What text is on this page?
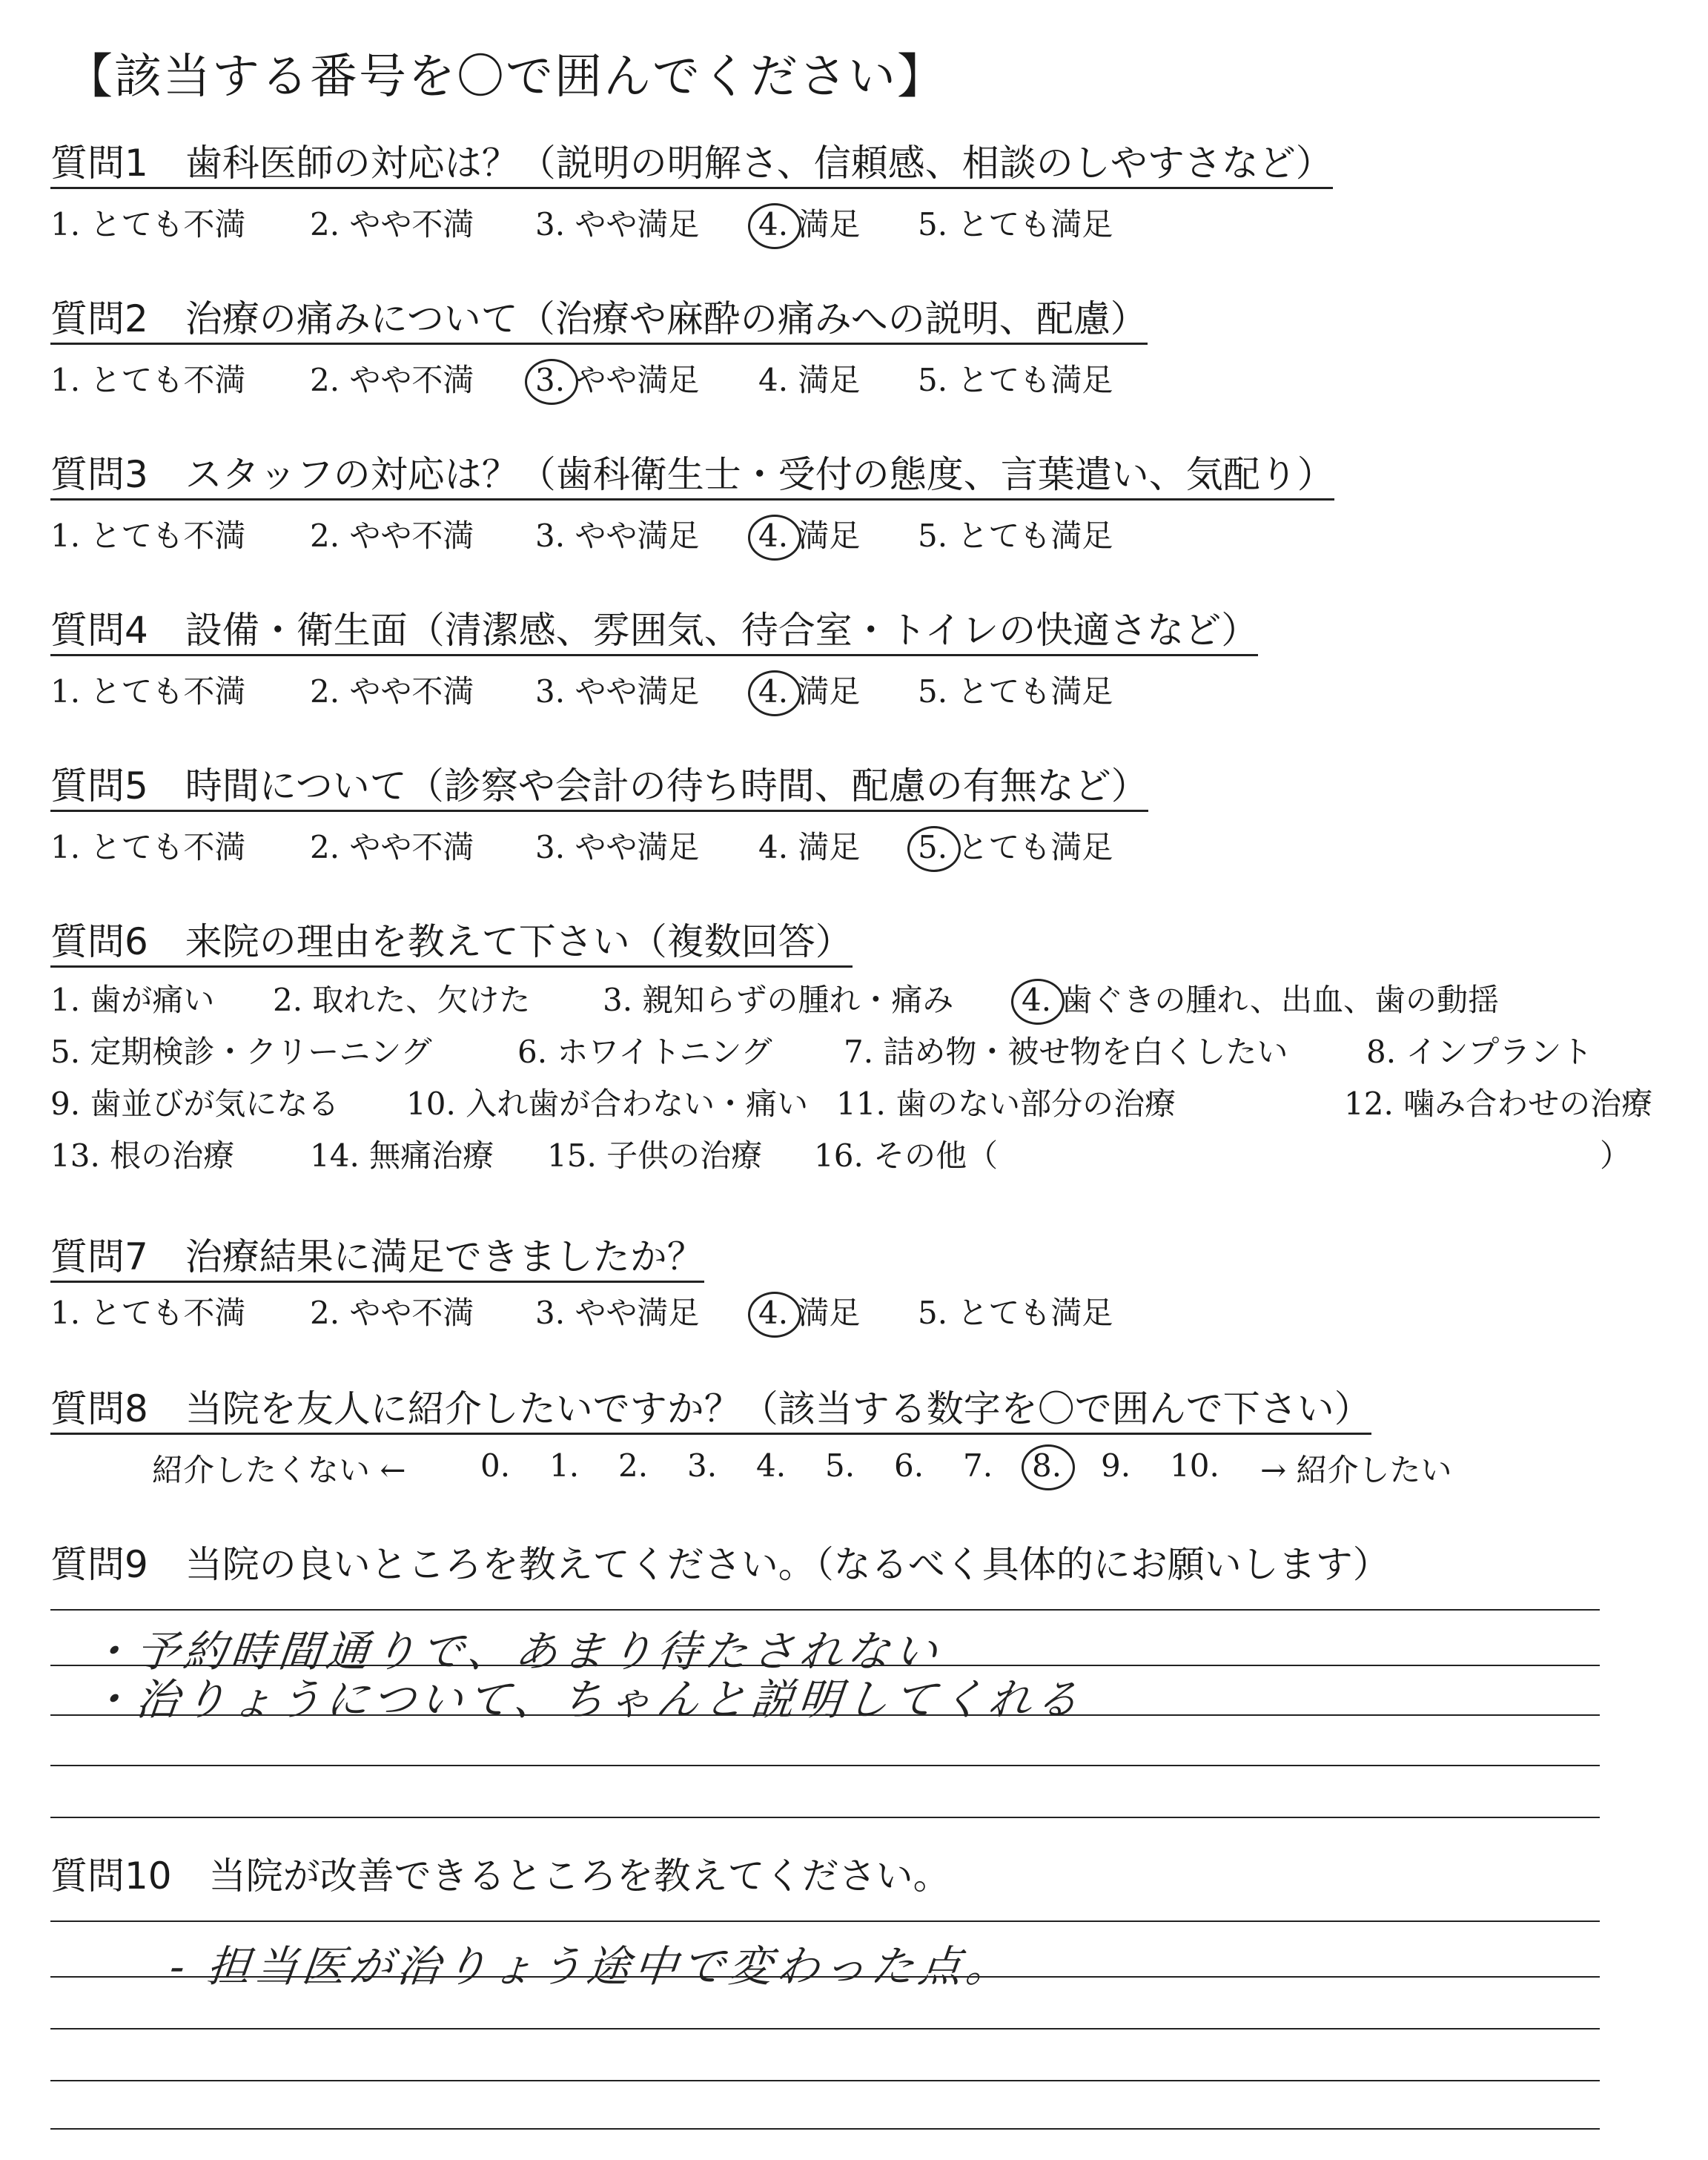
【該当する番号を〇で囲んでください】
質問1　歯科医師の対応は？（説明の明解さ、信頼感、相談のしやすさなど）
1. とても不満 2. やや不満 3. やや満足 4. 満足 5. とても満足
質問2　治療の痛みについて（治療や麻酔の痛みへの説明、配慮）
1. とても不満 2. やや不満 3. やや満足 4. 満足 5. とても満足
質問3　スタッフの対応は？（歯科衛生士・受付の態度、言葉遣い、気配り）
1. とても不満 2. やや不満 3. やや満足 4. 満足 5. とても満足
質問4　設備・衛生面（清潔感、雰囲気、待合室・トイレの快適さなど）
1. とても不満 2. やや不満 3. やや満足 4. 満足 5. とても満足
質問5　時間について（診察や会計の待ち時間、配慮の有無など）
1. とても不満 2. やや不満 3. やや満足 4. 満足 5. とても満足
質問6　来院の理由を教えて下さい（複数回答）
1. 歯が痛い 2. 取れた、欠けた 3. 親知らずの腫れ・痛み 4. 歯ぐきの腫れ、出血、歯の動揺
5. 定期検診・クリーニング	6. ホワイトニング 7. 詰め物・被せ物を白くしたい	8. インプラント
9. 歯並びが気になる 10. 入れ歯が合わない・痛い 11. 歯のない部分の治療	12. 噛み合わせの治療
13. 根の治療 14. 無痛治療 15. 子供の治療 16. その他（	）
質問7　治療結果に満足できましたか？
1. とても不満 2. やや不満 3. やや満足 4. 満足 5. とても満足
質問8　当院を友人に紹介したいですか？（該当する数字を〇で囲んで下さい）
紹介したくない ← 0. 1. 2. 3. 4. 5. 6. 7. 8. 9. 10. → 紹介したい
質問9　当院の良いところを教えてください。（なるべく具体的にお願いします）
・予約時間通りで、あまり待たされない
・治りょうについて、ちゃんと説明してくれる
質問10　当院が改善できるところを教えてください。
- 担当医が治りょう途中で変わった点。
